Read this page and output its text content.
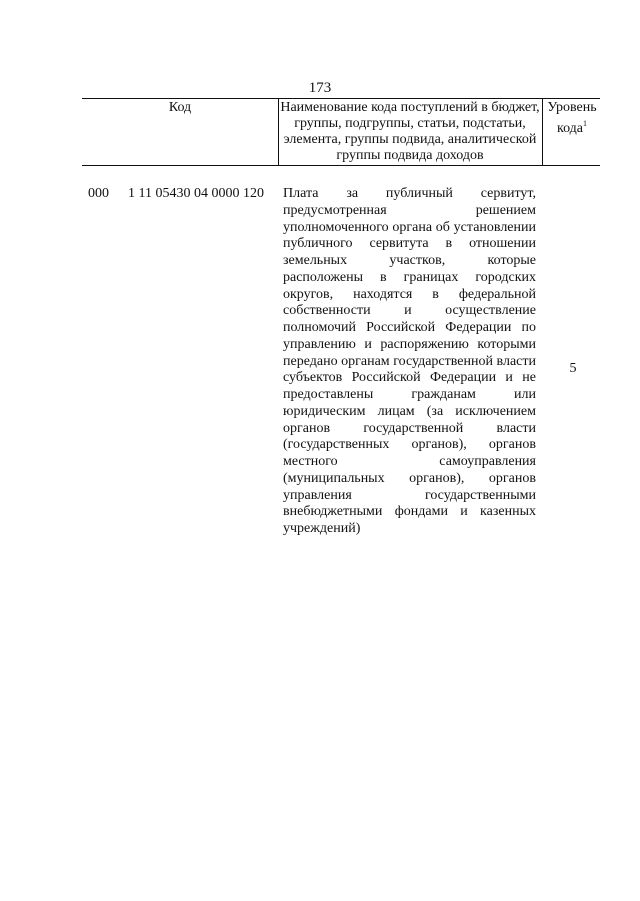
173
Код	Наименование кода поступлений в бюджет, группы, подгруппы, статьи, подстатьи, элемента, группы подвида, аналитической группы подвида доходов
Уровень кода$^1$
000 1 11 05430 04 0000 120 Плата за публичный сервитут, предусмотренная решением уполномоченного органа об установлении публичного сервитута в отношении земельных участков, которые расположены в границах городских округов, находятся в федеральной собственности и осуществление полномочий Российской Федерации по управлению и распоряжению которыми передано органам государственной власти субъектов Российской Федерации и не предоставлены гражданам или юридическим лицам (за исключением органов государственной власти (государственных органов), органов местного самоуправления (муниципальных органов), органов управления государственными внебюджетными фондами и казенных учреждений)
5
